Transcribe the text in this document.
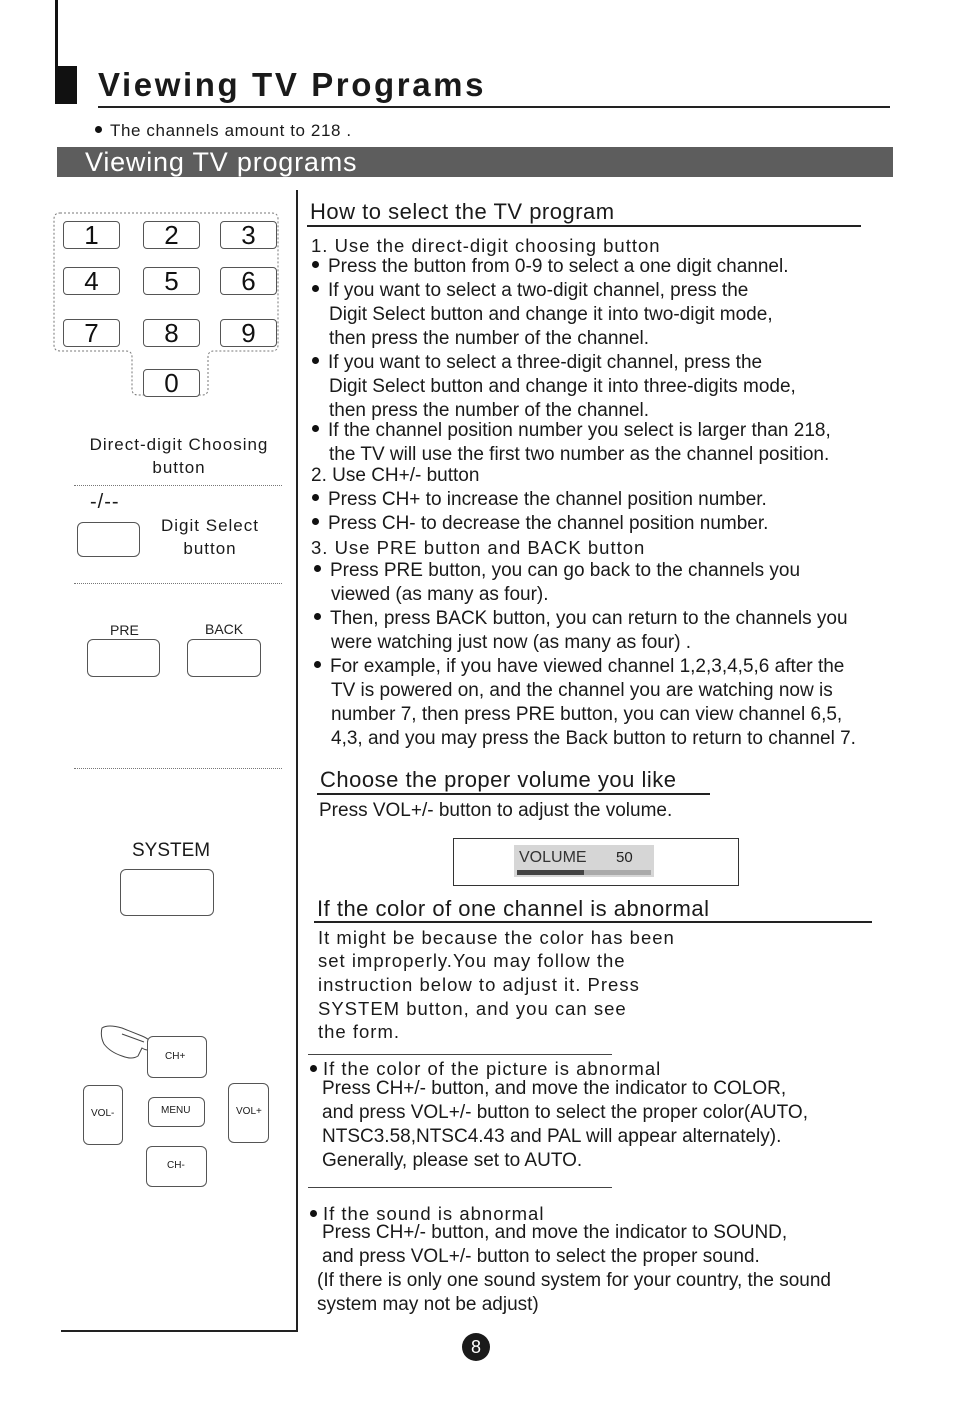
Viewing TV Programs
The channels amount to 218 .
Viewing TV programs
1	2	3
4	5	6
7	8	9
0
Direct-digit Choosing
button
-/--
Digit Select
button
PRE	BACK
SYSTEM
CH+
VOL-	MENU	VOL+
CH-
How to select the TV program
1. Use the direct-digit choosing button
Press the button from 0-9 to select a one digit channel.
If you want to select a two-digit channel, press the
Digit Select button and change it into two-digit mode,
then press the number of the channel.
If you want to select a three-digit channel, press the
Digit Select button and change it into three-digits mode,
then press the number of the channel.
If the channel position number you select is larger than 218,
the TV will use the first two number as the channel position.
2. Use CH+/- button
Press CH+ to increase the channel position number.
Press CH- to decrease the channel position number.
3. Use PRE button and BACK button
Press PRE button, you can go back to the channels you
viewed (as many as four).
Then, press BACK button, you can return to the channels you
were watching just now (as many as four) .
For example, if you have viewed channel 1,2,3,4,5,6 after the
TV is powered on, and the channel you are watching now is
number 7, then press PRE button, you can view channel 6,5,
4,3, and you may press the Back button to return to channel 7.
Choose the proper volume you like
Press VOL+/- button to adjust the volume.
VOLUME 50
If the color of one channel is abnormal
It might be because the color has been
set improperly.You may follow the
instruction below to adjust it. Press
SYSTEM button, and you can see
the form.
If the color of the picture is abnormal
Press CH+/- button, and move the indicator to COLOR,
and press VOL+/- button to select the proper color(AUTO,
NTSC3.58,NTSC4.43 and PAL will appear alternately).
Generally, please set to AUTO.
If the sound is abnormal
Press CH+/- button, and move the indicator to SOUND,
and press VOL+/- button to select the proper sound.
(If there is only one sound system for your country, the sound
system may not be adjust)
8
